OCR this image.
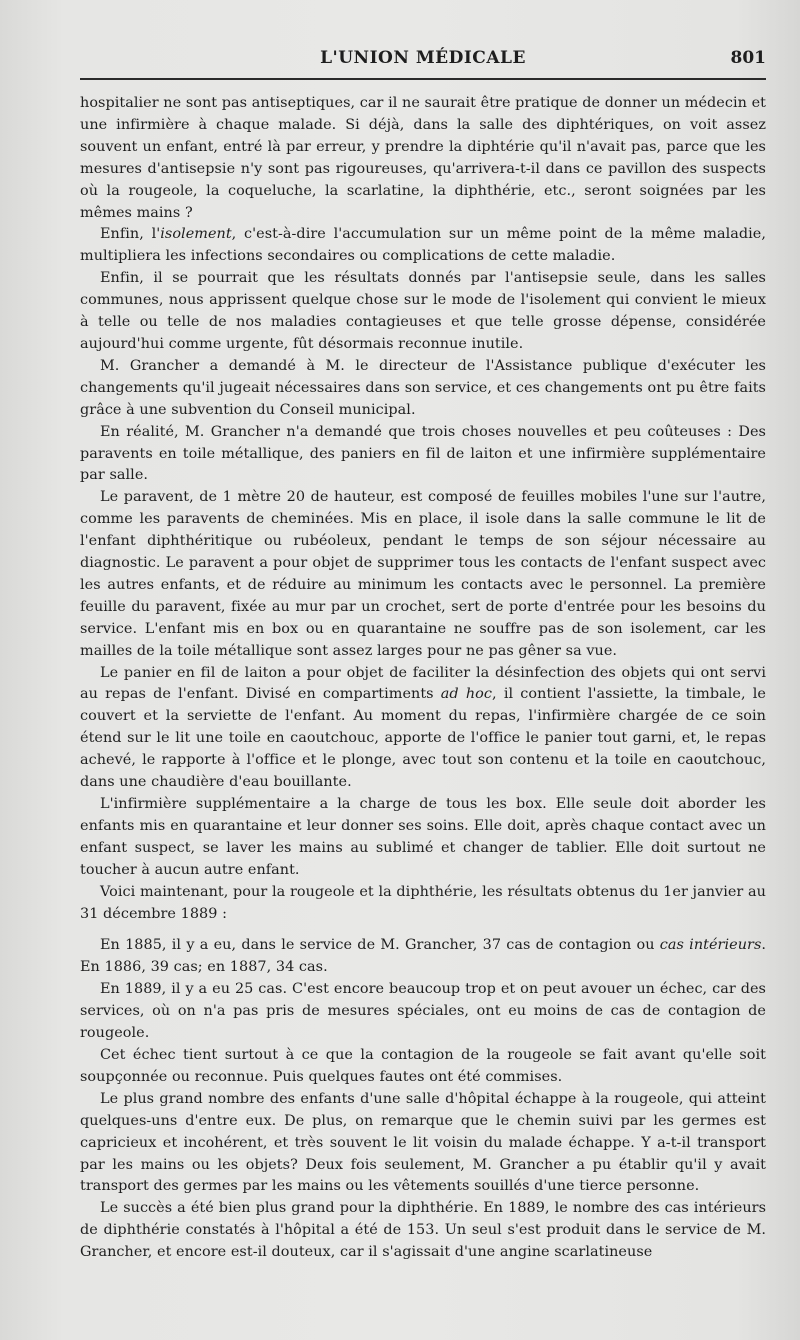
L'UNION MÉDICALE	801

hospitalier ne sont pas antiseptiques, car il ne saurait être pratique de donner un médecin et une infirmière à chaque malade. Si déjà, dans la salle des diphtériques, on voit assez souvent un enfant, entré là par erreur, y prendre la diphtérie qu'il n'avait pas, parce que les mesures d'antisepsie n'y sont pas rigoureuses, qu'arrivera-t-il dans ce pavillon des suspects où la rougeole, la coqueluche, la scarlatine, la diphthérie, etc., seront soignées par les mêmes mains ?

Enfin, l'isolement, c'est-à-dire l'accumulation sur un même point de la même maladie, multipliera les infections secondaires ou complications de cette maladie.

Enfin, il se pourrait que les résultats donnés par l'antisepsie seule, dans les salles communes, nous apprissent quelque chose sur le mode de l'isolement qui convient le mieux à telle ou telle de nos maladies contagieuses et que telle grosse dépense, considérée aujourd'hui comme urgente, fût désormais reconnue inutile.

M. Grancher a demandé à M. le directeur de l'Assistance publique d'exécuter les changements qu'il jugeait nécessaires dans son service, et ces changements ont pu être faits grâce à une subvention du Conseil municipal.

En réalité, M. Grancher n'a demandé que trois choses nouvelles et peu coûteuses : Des paravents en toile métallique, des paniers en fil de laiton et une infirmière supplémentaire par salle.

Le paravent, de 1 mètre 20 de hauteur, est composé de feuilles mobiles l'une sur l'autre, comme les paravents de cheminées. Mis en place, il isole dans la salle commune le lit de l'enfant diphthéritique ou rubéoleux, pendant le temps de son séjour nécessaire au diagnostic. Le paravent a pour objet de supprimer tous les contacts de l'enfant suspect avec les autres enfants, et de réduire au minimum les contacts avec le personnel. La première feuille du paravent, fixée au mur par un crochet, sert de porte d'entrée pour les besoins du service. L'enfant mis en box ou en quarantaine ne souffre pas de son isolement, car les mailles de la toile métallique sont assez larges pour ne pas gêner sa vue.

Le panier en fil de laiton a pour objet de faciliter la désinfection des objets qui ont servi au repas de l'enfant. Divisé en compartiments ad hoc, il contient l'assiette, la timbale, le couvert et la serviette de l'enfant. Au moment du repas, l'infirmière chargée de ce soin étend sur le lit une toile en caoutchouc, apporte de l'office le panier tout garni, et, le repas achevé, le rapporte à l'office et le plonge, avec tout son contenu et la toile en caoutchouc, dans une chaudière d'eau bouillante.

L'infirmière supplémentaire a la charge de tous les box. Elle seule doit aborder les enfants mis en quarantaine et leur donner ses soins. Elle doit, après chaque contact avec un enfant suspect, se laver les mains au sublimé et changer de tablier. Elle doit surtout ne toucher à aucun autre enfant.

Voici maintenant, pour la rougeole et la diphthérie, les résultats obtenus du 1er janvier au 31 décembre 1889 :

En 1885, il y a eu, dans le service de M. Grancher, 37 cas de contagion ou cas intérieurs. En 1886, 39 cas; en 1887, 34 cas.

En 1889, il y a eu 25 cas. C'est encore beaucoup trop et on peut avouer un échec, car des services, où on n'a pas pris de mesures spéciales, ont eu moins de cas de contagion de rougeole.

Cet échec tient surtout à ce que la contagion de la rougeole se fait avant qu'elle soit soupçonnée ou reconnue. Puis quelques fautes ont été commises.

Le plus grand nombre des enfants d'une salle d'hôpital échappe à la rougeole, qui atteint quelques-uns d'entre eux. De plus, on remarque que le chemin suivi par les germes est capricieux et incohérent, et très souvent le lit voisin du malade échappe. Y a-t-il transport par les mains ou les objets? Deux fois seulement, M. Grancher a pu établir qu'il y avait transport des germes par les mains ou les vêtements souillés d'une tierce personne.

Le succès a été bien plus grand pour la diphthérie. En 1889, le nombre des cas intérieurs de diphthérie constatés à l'hôpital a été de 153. Un seul s'est produit dans le service de M. Grancher, et encore est-il douteux, car il s'agissait d'une angine scarlatineuse
